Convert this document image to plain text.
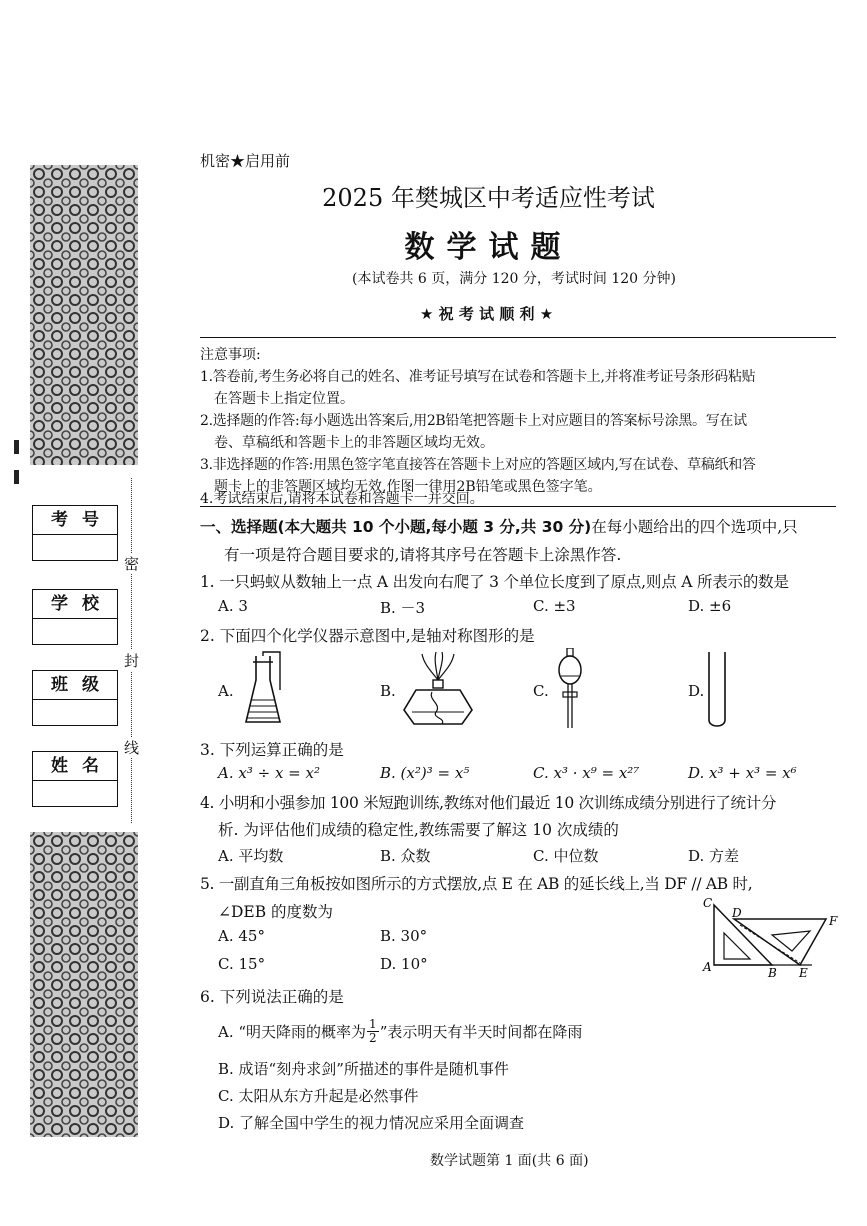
考号
学校
班级
姓名
密
封
线
机密★启用前
2025 年樊城区中考适应性考试
数学试题
(本试卷共 6 页，满分 120 分，考试时间 120 分钟)
★ 祝 考 试 顺 利 ★
注意事项:
1.答卷前,考生务必将自己的姓名、准考证号填写在试卷和答题卡上,并将准考证号条形码粘贴
在答题卡上指定位置。
2.选择题的作答:每小题选出答案后,用2B铅笔把答题卡上对应题目的答案标号涂黑。写在试
卷、草稿纸和答题卡上的非答题区域均无效。
3.非选择题的作答:用黑色签字笔直接答在答题卡上对应的答题区域内,写在试卷、草稿纸和答
题卡上的非答题区域均无效,作图一律用2B铅笔或黑色签字笔。
4.考试结束后,请将本试卷和答题卡一并交回。
一、选择题(本大题共 10 个小题,每小题 3 分,共 30 分)在每小题给出的四个选项中,只
有一项是符合题目要求的,请将其序号在答题卡上涂黑作答.
1. 一只蚂蚁从数轴上一点 A 出发向右爬了 3 个单位长度到了原点,则点 A 所表示的数是
A. 3	B. －3	C. ±3	D. ±6
2. 下面四个化学仪器示意图中,是轴对称图形的是
A.	B.	C.	D.
3. 下列运算正确的是
A. x³ ÷ x = x²	B. (x²)³ = x⁵	C. x³ · x⁹ = x²⁷	D. x³ + x³ = x⁶
4. 小明和小强参加 100 米短跑训练,教练对他们最近 10 次训练成绩分别进行了统计分
析. 为评估他们成绩的稳定性,教练需要了解这 10 次成绩的
A. 平均数	B. 众数	C. 中位数	D. 方差
5. 一副直角三角板按如图所示的方式摆放,点 E 在 AB 的延长线上,当 DF // AB 时,
∠DEB 的度数为
A. 45°	B. 30°
C. 15°	D. 10°
C
D
F
A	B E
6. 下列说法正确的是
A. “明天降雨的概率为 $\frac{1}{2}$ ”表示明天有半天时间都在降雨
B. 成语“刻舟求剑”所描述的事件是随机事件
C. 太阳从东方升起是必然事件
D. 了解全国中学生的视力情况应采用全面调查
数学试题第 1 面(共 6 面)
